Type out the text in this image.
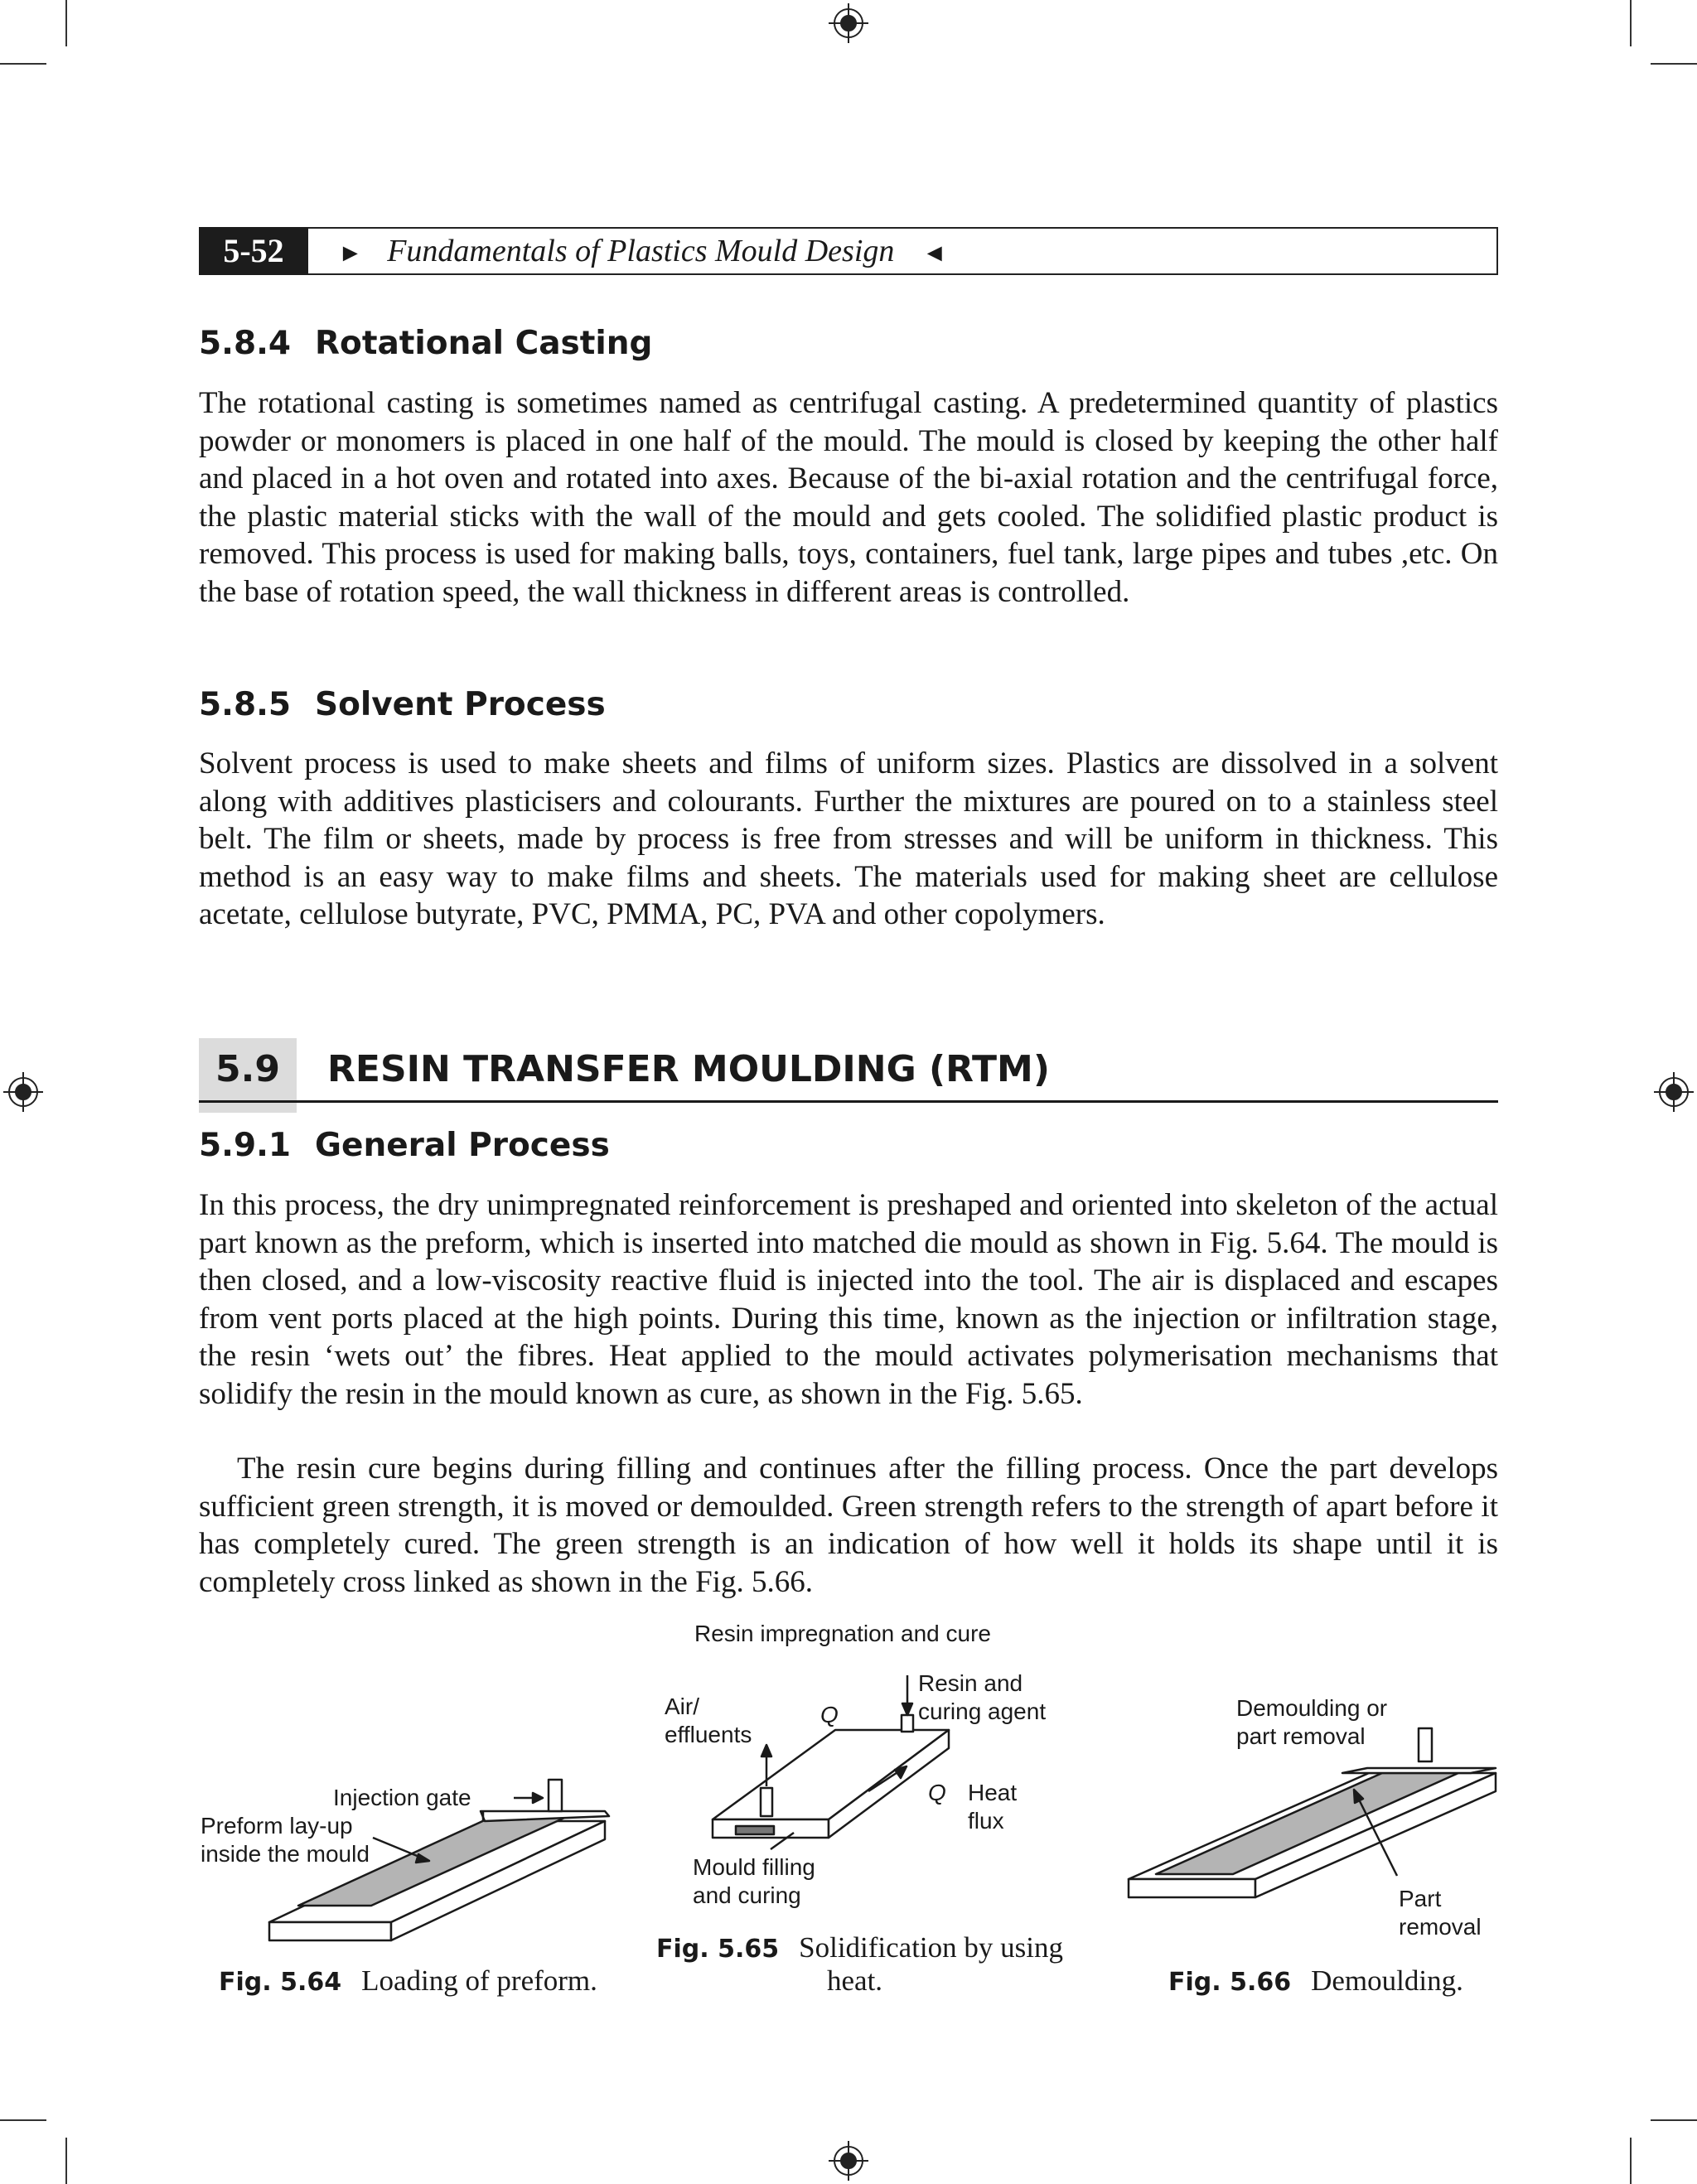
5-52	► Fundamentals of Plastics Mould Design ◄
5.8.4 Rotational Casting

The rotational casting is sometimes named as centrifugal casting. A predetermined quantity of plastics powder or monomers is placed in one half of the mould. The mould is closed by keeping the other half and placed in a hot oven and rotated into axes. Because of the bi-axial rotation and the centrifugal force, the plastic material sticks with the wall of the mould and gets cooled. The solidified plastic product is removed. This process is used for making balls, toys, containers, fuel tank, large pipes and tubes ,etc. On the base of rotation speed, the wall thickness in different areas is controlled.

5.8.5 Solvent Process

Solvent process is used to make sheets and films of uniform sizes. Plastics are dissolved in a solvent along with additives plasticisers and colourants. Further the mixtures are poured on to a stainless steel belt. The film or sheets, made by process is free from stresses and will be uniform in thickness. This method is an easy way to make films and sheets. The materials used for making sheet are cellulose acetate, cellulose butyrate, PVC, PMMA, PC, PVA and other copolymers.

5.9	RESIN TRANSFER MOULDING (RTM)
5.9.1 General Process

In this process, the dry unimpregnated reinforcement is preshaped and oriented into skeleton of the actual part known as the preform, which is inserted into matched die mould as shown in Fig. 5.64. The mould is then closed, and a low-viscosity reactive fluid is injected into the tool. The air is displaced and escapes from vent ports placed at the high points. During this time, known as the injection or infiltration stage, the resin ‘wets out’ the fibres. Heat applied to the mould activates polymerisation mechanisms that solidify the resin in the mould known as cure, as shown in the Fig. 5.65.

The resin cure begins during filling and continues after the filling process. Once the part develops sufficient green strength, it is moved or demoulded. Green strength refers to the strength of apart before it has completely cured. The green strength is an indication of how well it holds its shape until it is completely cross linked as shown in the Fig. 5.66.

Resin impregnation and cure
Injection gate
Preform lay-up
inside the mould
Fig. 5.64 Loading of preform.
Air/
effluents
Q
Resin and
curing agent
Q Heat
flux
Mould filling
and curing
Fig. 5.65 Solidification by using
heat.
Demoulding or
part removal
Part
removal
Fig. 5.66 Demoulding.
